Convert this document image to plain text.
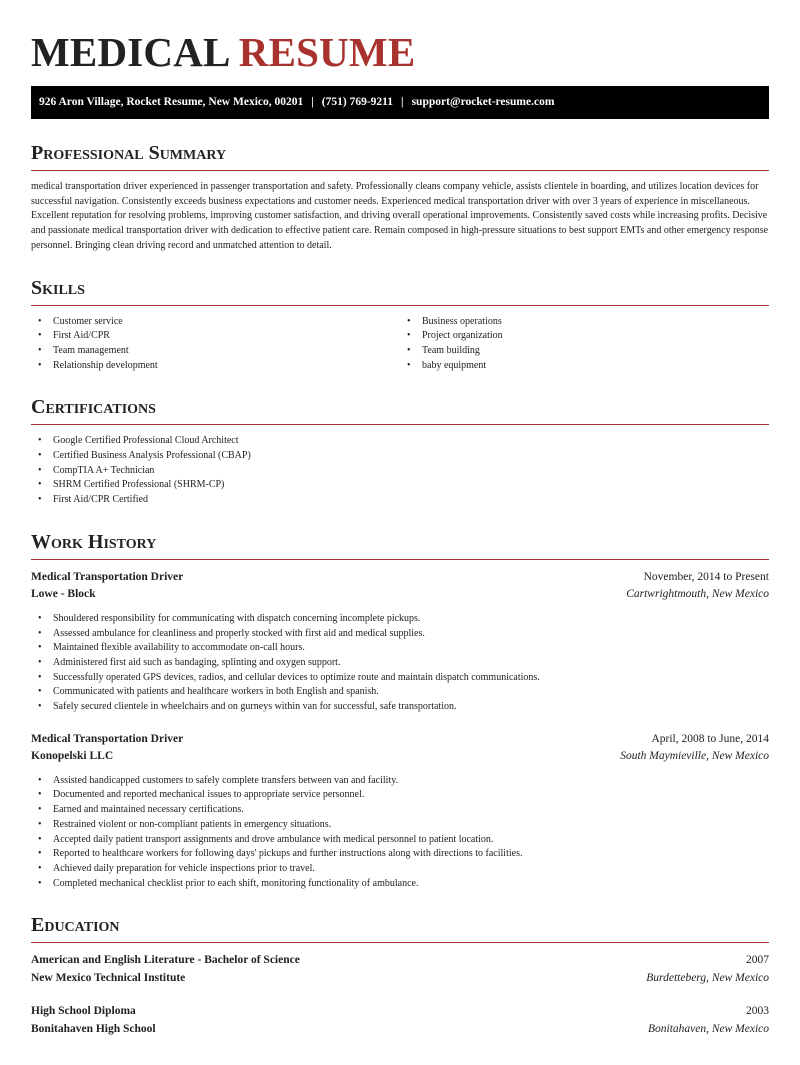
MEDICAL RESUME
926 Aron Village, Rocket Resume, New Mexico, 00201 | (751) 769-9211 | support@rocket-resume.com
Professional Summary

medical transportation driver experienced in passenger transportation and safety. Professionally cleans company vehicle, assists clientele in boarding, and utilizes location devices for successful navigation. Consistently exceeds business expectations and customer needs. Experienced medical transportation driver with over 3 years of experience in miscellaneous. Excellent reputation for resolving problems, improving customer satisfaction, and driving overall operational improvements. Consistently saved costs while increasing profits. Decisive and passionate medical transportation driver with dedication to effective patient care. Remain composed in high-pressure situations to best support EMTs and other emergency response personnel. Bringing clean driving record and unmatched attention to detail.

Skills
• Customer service
• First Aid/CPR
• Team management
• Relationship development
• Business operations
• Project organization
• Team building
• baby equipment
Certifications
• Google Certified Professional Cloud Architect
• Certified Business Analysis Professional (CBAP)
• CompTIA A+ Technician
• SHRM Certified Professional (SHRM-CP)
• First Aid/CPR Certified
Work History
Medical Transportation Driver	November, 2014 to Present
Lowe - Block	Cartwrightmouth, New Mexico
• Shouldered responsibility for communicating with dispatch concerning incomplete pickups.
• Assessed ambulance for cleanliness and properly stocked with first aid and medical supplies.
• Maintained flexible availability to accommodate on-call hours.
• Administered first aid such as bandaging, splinting and oxygen support.
• Successfully operated GPS devices, radios, and cellular devices to optimize route and maintain dispatch communications.
• Communicated with patients and healthcare workers in both English and spanish.
• Safely secured clientele in wheelchairs and on gurneys within van for successful, safe transportation.
Medical Transportation Driver	April, 2008 to June, 2014
Konopelski LLC	South Maymieville, New Mexico
• Assisted handicapped customers to safely complete transfers between van and facility.
• Documented and reported mechanical issues to appropriate service personnel.
• Earned and maintained necessary certifications.
• Restrained violent or non-compliant patients in emergency situations.
• Accepted daily patient transport assignments and drove ambulance with medical personnel to patient location.
• Reported to healthcare workers for following days' pickups and further instructions along with directions to facilities.
• Achieved daily preparation for vehicle inspections prior to travel.
• Completed mechanical checklist prior to each shift, monitoring functionality of ambulance.
Education
American and English Literature - Bachelor of Science	2007
New Mexico Technical Institute	Burdetteberg, New Mexico
High School Diploma	2003
Bonitahaven High School	Bonitahaven, New Mexico
